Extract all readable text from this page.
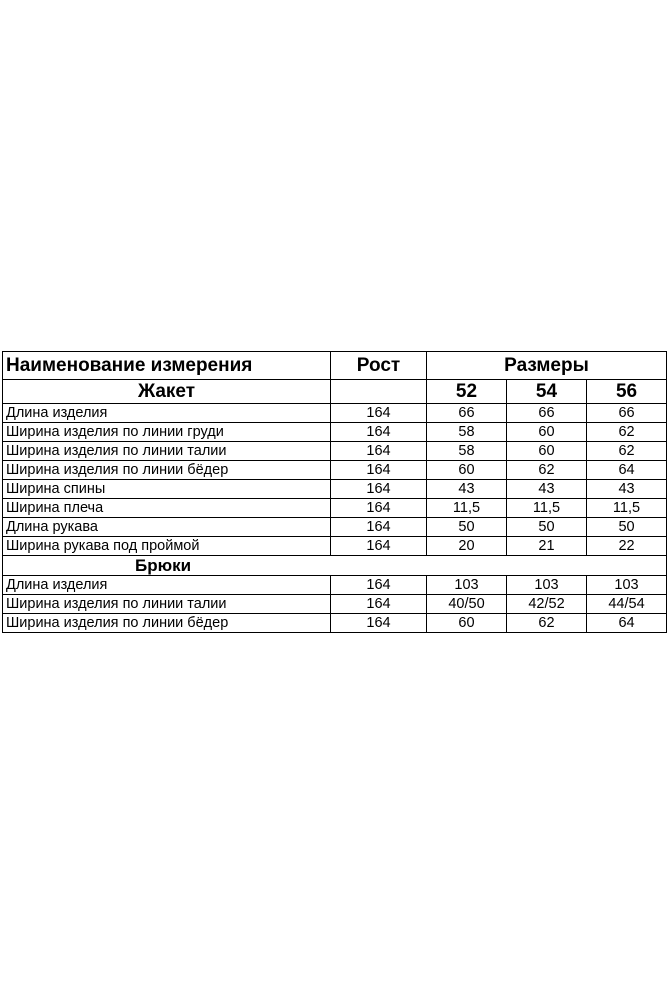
Наименование измерения	Рост	Размеры		
Жакет		52	54	56
Длина изделия	164	66	66	66
Ширина изделия по линии груди	164	58	60	62
Ширина изделия по линии талии	164	58	60	62
Ширина изделия по линии бёдер	164	60	62	64
Ширина спины	164	43	43	43
Ширина плеча	164	11,5	11,5	11,5
Длина рукава	164	50	50	50
Ширина рукава под проймой	164	20	21	22
Брюки				
Длина изделия	164	103	103	103
Ширина изделия по линии талии	164	40/50	42/52	44/54
Ширина изделия по линии бёдер	164	60	62	64
